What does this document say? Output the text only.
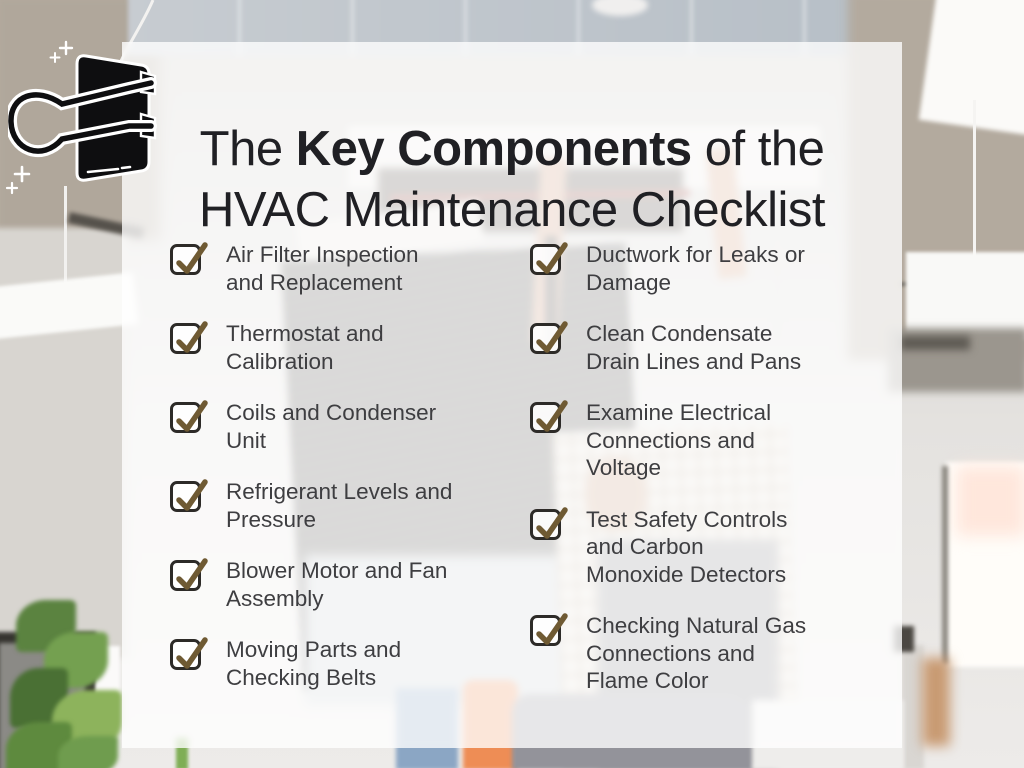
The Key Components of the
HVAC Maintenance Checklist
Air Filter Inspection and Replacement
Thermostat and Calibration
Coils and Condenser Unit
Refrigerant Levels and Pressure
Blower Motor and Fan Assembly
Moving Parts and Checking Belts
Ductwork for Leaks or Damage
Clean Condensate Drain Lines and Pans
Examine Electrical Connections and Voltage
Test Safety Controls and Carbon Monoxide Detectors
Checking Natural Gas Connections and Flame Color
